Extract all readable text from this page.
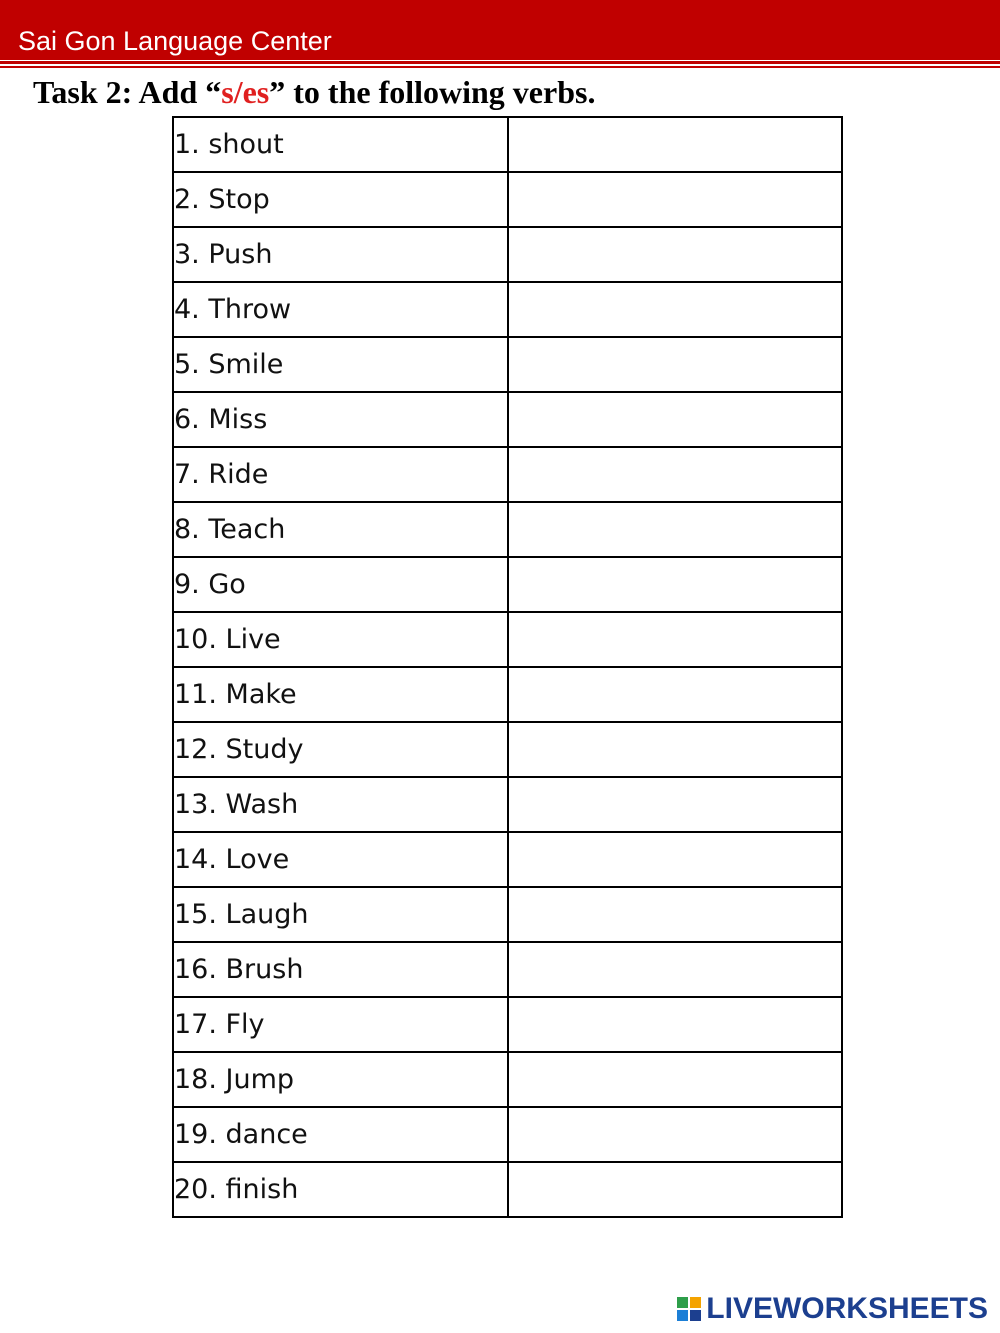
Sai Gon Language Center
Task 2: Add “s/es” to the following verbs.
1. shout	
2. Stop	
3. Push	
4. Throw	
5. Smile	
6. Miss	
7. Ride	
8. Teach	
9. Go	
10. Live	
11. Make	
12. Study	
13. Wash	
14. Love	
15. Laugh	
16. Brush	
17. Fly	
18. Jump	
19. dance	
20. finish	
LIVEWORKSHEETS
